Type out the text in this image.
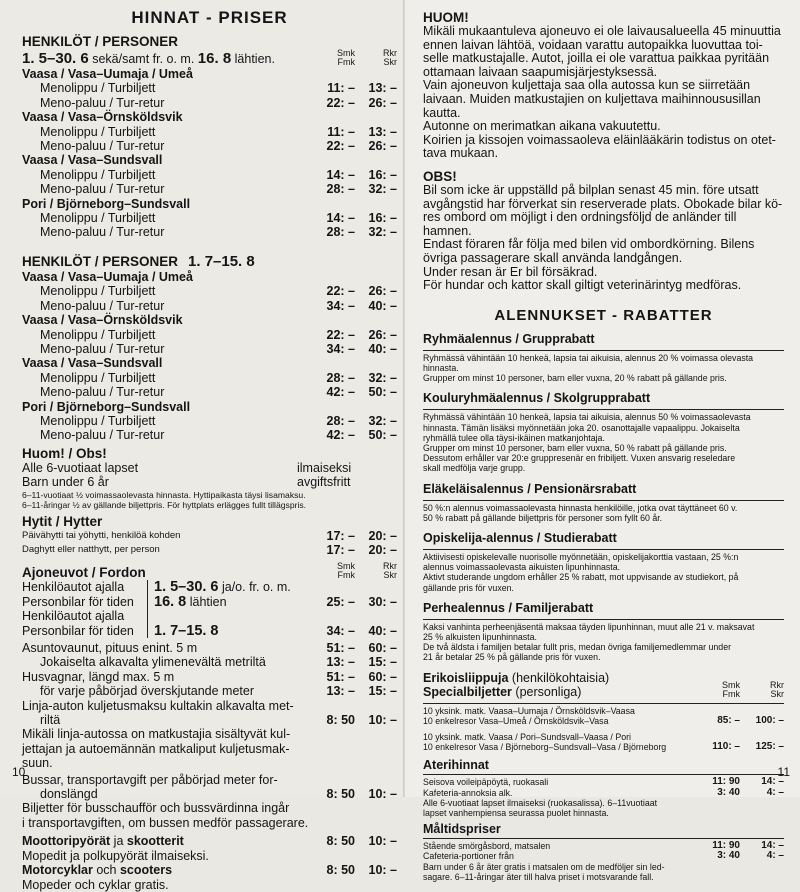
HINNAT - PRISER
HENKILÖT / PERSONER
1. 5–30. 6 sekä/samt fr. o. m. 16. 8 lähtien.	Smk
Fmk
Rkr
Skr
Vaasa / Vasa–Uumaja / Umeå
Menolippu / Turbiljett	11: –	13: –
Meno-paluu / Tur-retur	22: –	26: –
Vaasa / Vasa–Örnsköldsvik
Menolippu / Turbiljett	11: –	13: –
Meno-paluu / Tur-retur	22: –	26: –
Vaasa / Vasa–Sundsvall
Menolippu / Turbiljett	14: –	16: –
Meno-paluu / Tur-retur	28: –	32: –
Pori / Björneborg–Sundsvall
Menolippu / Turbiljett	14: –	16: –
Meno-paluu / Tur-retur	28: –	32: –
HENKILÖT / PERSONER 1. 7–15. 8
Vaasa / Vasa–Uumaja / Umeå
Menolippu / Turbiljett	22: –	26: –
Meno-paluu / Tur-retur	34: –	40: –
Vaasa / Vasa–Örnsköldsvik
Menolippu / Turbiljett	22: –	26: –
Meno-paluu / Tur-retur	34: –	40: –
Vaasa / Vasa–Sundsvall
Menolippu / Turbiljett	28: –	32: –
Meno-paluu / Tur-retur	42: –	50: –
Pori / Björneborg–Sundsvall
Menolippu / Turbiljett	28: –	32: –
Meno-paluu / Tur-retur	42: –	50: –
Huom! / Obs!
Alle 6-vuotiaat lapset	ilmaiseksi
Barn under 6 år	avgiftsfritt
6–11-vuotiaat ½ voimassaolevasta hinnasta. Hyttipaikasta täysi lisamaksu.
6–11-åringar ½ av gällande biljettpris. För hyttplats erlägges fullt tillägspris.
Hytit / Hytter
Päivähytti tai yöhytti, henkilöä kohden	17: –	20: –
Daghytt eller natthytt, per person	17: –	20: –
Ajoneuvot / Fordon	Smk
Fmk
Rkr
Skr
Henkilöautot ajalla	1. 5–30. 6 ja/o. fr. o. m.
Personbilar för tiden	16. 8 lähtien	25: –	30: –
Henkilöautot ajalla
Personbilar för tiden	1. 7–15. 8	34: –	40: –
Asuntovaunut, pituus enint. 5 m	51: –	60: –
Jokaiselta alkavalta ylimenevältä metriltä	13: –	15: –
Husvagnar, längd max. 5 m	51: –	60: –
för varje påbörjad överskjutande meter	13: –	15: –
Linja-auton kuljetusmaksu kultakin alkavalta met-
riltä	8: 50	10: –
Mikäli linja-autossa on matkustajia sisältyvät kul-
jettajan ja autoemännän matkaliput kuljetusmak-
suun.
Bussar, transportavgift per påbörjad meter for-
donslängd	8: 50	10: –
Biljetter för busschaufför och bussvärdinna ingår
i transportavgiften, om bussen medför passagerare.
Moottoripyörät ja skootterit	8: 50	10: –
Mopedit ja polkupyörät ilmaiseksi.
Motorcyklar och scooters	8: 50	10: –
Mopeder och cyklar gratis.
10
HUOM!
Mikäli mukaantuleva ajoneuvo ei ole laivausalueella 45 minuuttia
ennen laivan lähtöä, voidaan varattu autopaikka luovuttaa toi-
selle matkustajalle. Autot, joilla ei ole varattua paikkaa pyritään
ottamaan laivaan saapumisjärjestyksessä.
Vain ajoneuvon kuljettaja saa olla autossa kun se siirretään
laivaan. Muiden matkustajien on kuljettava maihinnoususillan
kautta.
Autonne on merimatkan aikana vakuutettu.
Koirien ja kissojen voimassaoleva eläinlääkärin todistus on otet-
tava mukaan.
OBS!
Bil som icke är uppställd på bilplan senast 45 min. före utsatt
avgångstid har förverkat sin reserverade plats. Obokade bilar kö-
res ombord om möjligt i den ordningsföljd de anländer till hamnen.
Endast föraren får följa med bilen vid ombordkörning. Bilens
övriga passagerare skall använda landgången.
Under resan är Er bil försäkrad.
För hundar och kattor skall giltigt veterinärintyg medföras.
ALENNUKSET - RABATTER
Ryhmäalennus / Grupprabatt
Ryhmässä vähintään 10 henkeä, lapsia tai aikuisia, alennus 20 % voimassa olevasta
hinnasta.
Grupper om minst 10 personer, barn eller vuxna, 20 % rabatt på gällande pris.
Kouluryhmäalennus / Skolgrupprabatt
Ryhmässä vähintään 10 henkeä, lapsia tai aikuisia, alennus 50 % voimassaolevasta
hinnasta. Tämän lisäksi myönnetään joka 20. osanottajalle vapaalippu. Jokaiselta
ryhmällä tulee olla täysi-ikäinen matkanjohtaja.
Grupper om minst 10 personer, barn eller vuxna, 50 % rabatt på gällande pris.
Dessutom erhåller var 20:e gruppresenär en fribiljett. Vuxen ansvarig reseledare
skall medfölja varje grupp.
Eläkeläisalennus / Pensionärsrabatt
50 %:n alennus voimassaolevasta hinnasta henkilöille, jotka ovat täyttäneet 60 v.
50 % rabatt på gällande biljettpris för personer som fyllt 60 år.
Opiskelija-alennus / Studierabatt
Aktiivisesti opiskelevalle nuorisolle myönnetään, opiskelijakorttia vastaan, 25 %:n
alennus voimassaolevasta aikuisten lipunhinnasta.
Aktivt studerande ungdom erhåller 25 % rabatt, mot uppvisande av studiekort, på
gällande pris för vuxen.
Perhealennus / Familjerabatt
Kaksi vanhinta perheenjäsentä maksaa täyden lipunhinnan, muut alle 21 v. maksavat
25 % alkuisten lipunhinnasta.
De två äldsta i familjen betalar fullt pris, medan övriga familjemedlemmar under
21 år betalar 25 % på gällande pris för vuxen.
Erikoisliippuja (henkilökohtaisia)
Specialbiljetter (personliga)	Smk
Fmk
Rkr
Skr
10 yksink. matk. Vaasa–Uumaja / Örnsköldsvik–Vaasa
10 enkelresor Vasa–Umeå / Örnsköldsvik–Vasa	85: –	100: –
10 yksink. matk. Vaasa / Pori–Sundsvall–Vaasa / Pori
10 enkelresor Vasa / Björneborg–Sundsvall–Vasa / Björneborg	110: –	125: –
Aterihinnat
Seisova voileipäpöytä, ruokasali	11: 90	14: –
Kafeteria-annoksia alk.	3: 40	4: –
Alle 6-vuotiaat lapset ilmaiseksi (ruokasalissa). 6–11vuotiaat
lapset vanhempiensa seurassa puolet hinnasta.
Måltidspriser
Stående smörgåsbord, matsalen	11: 90	14: –
Cafeteria-portioner från	3: 40	4: –
Barn under 6 år äter gratis i matsalen om de medföljer sin led-
sagare. 6–11-åringar äter till halva priset i motsvarande fall.
11
